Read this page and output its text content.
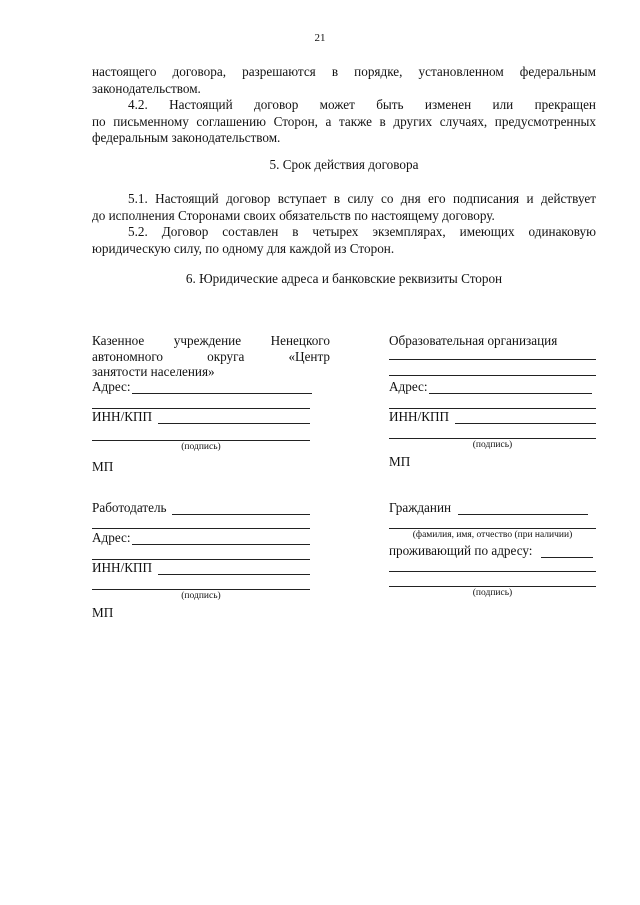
21
настоящего договора, разрешаются в порядке, установленном федеральным
законодательством.
4.2. Настоящий договор может быть изменен или прекращен
по письменному соглашению Сторон, а также в других случаях, предусмотренных
федеральным законодательством.
5. Срок действия договора
5.1. Настоящий договор вступает в силу со дня его подписания и действует
до исполнения Сторонами своих обязательств по настоящему договору.
5.2. Договор составлен в четырех экземплярах, имеющих одинаковую
юридическую силу, по одному для каждой из Сторон.
6. Юридические адреса и банковские реквизиты Сторон
Казенное учреждение Ненецкого
автономного	округа	«Центр
занятости населения»
Адрес:
ИНН/КПП
(подпись)
МП
Образовательная организация
Адрес:
ИНН/КПП
(подпись)
МП
Работодатель
Адрес:
ИНН/КПП
(подпись)
МП
Гражданин
(фамилия, имя, отчество (при наличии)
проживающий по адресу:
(подпись)
